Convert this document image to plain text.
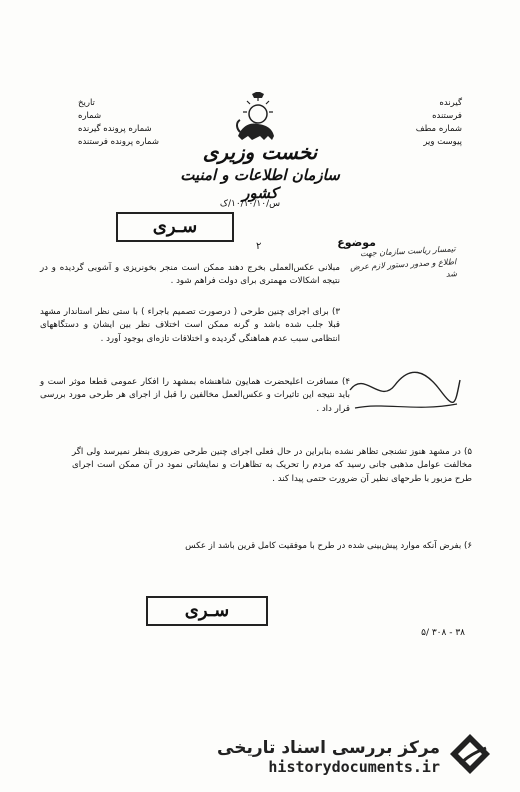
گیرنده
فرستنده
شماره مطف
پیوست ویر
تاریخ
شماره
شماره پرونده گیرنده
شماره پرونده فرستنده	نخست وزیری
سازمان اطلاعات و امنیت کشور
س/۱۰/۱۰/۱۰/ک
سـری
موضوع
۲
مبلانی عکس‌العملی بخرج دهند ممکن است منجر بخونریزی و آشوبی گردیده و در نتیجه اشکالات مهمتری برای دولت فراهم شود .
۳) برای اجرای چنین طرحی ( درصورت تصمیم باجراء ) با ستی نظر استاندار مشهد قبلا جلب شده باشد و گرنه ممکن است اختلاف نظر بین ایشان و دستگاههای انتظامی سبب عدم هماهنگی گردیده و اختلافات تازه‌ای بوجود آورد .
۴) مسافرت اعلیحضرت همایون شاهنشاه بمشهد را افکار عمومی قطعا موثر است و باید نتیجه این تاثیرات و عکس‌العمل مخالفین را قبل از اجرای هر طرحی مورد بررسی قرار داد .
۵) در مشهد هنوز تشنجی تظاهر نشده بنابراین در حال فعلی اجرای چنین طرحی ضروری بنظر نمیرسد ولی اگر مخالفت عوامل مذهبی جانی رسید که مردم را تحریک به تظاهرات و نمایشاتی نمود در آن ممکن است اجرای طرح مزبور با طرحهای نظیر آن ضرورت حتمی پیدا کند .
۶) بفرض آنکه موارد پیش‌بینی شده در طرح با موفقیت کامل قرین باشد از عکس
تیمسار ریاست سازمان جهت اطلاع و صدور دستور لازم عرض شد
سـری
۵/ ۳۰۸ - ۳۸
مرکز بررسی اسناد تاریخی
historydocuments.ir
